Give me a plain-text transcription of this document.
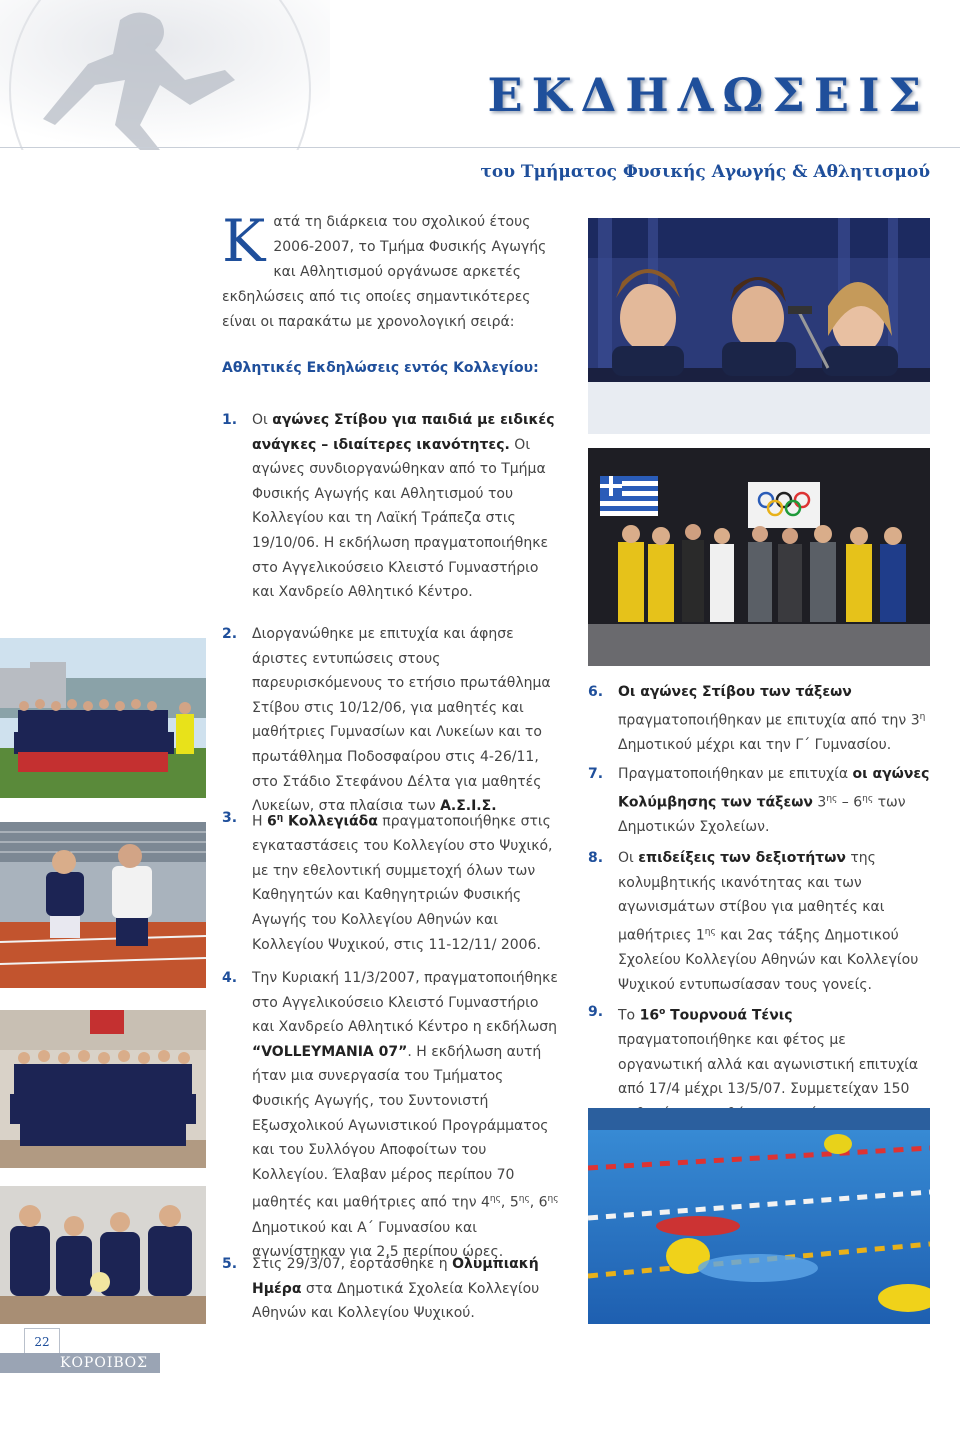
ΕΚΔΗΛΩΣΕΙΣ
του Τμήματος Φυσικής Αγωγής & Αθλητισμού
Κατά τη διάρκεια του σχολικού έτους 2006-2007, το Τμήμα Φυσικής Αγωγής και Αθλητισμού οργάνωσε αρκετές εκδηλώσεις από τις οποίες σημαντικότερες είναι οι παρακάτω με χρονολογική σειρά:
Αθλητικές Εκδηλώσεις εντός Κολλεγίου:
1. Οι αγώνες Στίβου για παιδιά με ειδικές ανάγκες – ιδιαίτερες ικανότητες. Οι αγώνες συνδιοργανώθηκαν από το Τμήμα Φυσικής Αγωγής και Αθλητισμού του Κολλεγίου και τη Λαϊκή Τράπεζα στις 19/10/06. Η εκδήλωση πραγματοποιήθηκε στο Αγγελικούσειο Κλειστό Γυμναστήριο και Χανδρείο Αθλητικό Κέντρο.
2. Διοργανώθηκε με επιτυχία και άφησε άριστες εντυπώσεις στους παρευρισκόμενους το ετήσιο πρωτάθλημα Στίβου στις 10/12/06, για μαθητές και μαθήτριες Γυμνασίων και Λυκείων και το πρωτάθλημα Ποδοσφαίρου στις 4-26/11, στο Στάδιο Στεφάνου Δέλτα για μαθητές Λυκείων, στα πλαίσια των Α.Σ.Ι.Σ.
3. Η $6^\eta$ Κολλεγιάδα πραγματοποιήθηκε στις εγκαταστάσεις του Κολλεγίου στο Ψυχικό, με την εθελοντική συμμετοχή όλων των Καθηγητών και Καθηγητριών Φυσικής Αγωγής του Κολλεγίου Αθηνών και Κολλεγίου Ψυχικού, στις 11-12/11/ 2006.
4. Την Κυριακή 11/3/2007, πραγματοποιήθηκε στο Αγγελικούσειο Κλειστό Γυμναστήριο και Χανδρείο Αθλητικό Κέντρο η εκδήλωση “VOLLEYMANIA 07”. Η εκδήλωση αυτή ήταν μια συνεργασία του Τμήματος Φυσικής Αγωγής, του Συντονιστή Εξωσχολικού Αγωνιστικού Προγράμματος και του Συλλόγου Αποφοίτων του Κολλεγίου. Έλαβαν μέρος περίπου 70 μαθητές και μαθήτριες από την $4^{\eta\varsigma}$, $5^{\eta\varsigma}$, $6^{\eta\varsigma}$ Δημοτικού και Α΄ Γυμνασίου και αγωνίστηκαν για 2,5 περίπου ώρες.
5. Στις 29/3/07, εορτάσθηκε η Ολυμπιακή Ημέρα στα Δημοτικά Σχολεία Κολλεγίου Αθηνών και Κολλεγίου Ψυχικού.
6. Οι αγώνες Στίβου των τάξεων πραγματοποιήθηκαν με επιτυχία από την $3^\eta$ Δημοτικού μέχρι και την Γ΄ Γυμνασίου.
7. Πραγματοποιήθηκαν με επιτυχία οι αγώνες Κολύμβησης των τάξεων $3^{\eta\varsigma} - 6^{\eta\varsigma}$ των Δημοτικών Σχολείων.
8. Οι επιδείξεις των δεξιοτήτων της κολυμβητικής ικανότητας και των αγωνισμάτων στίβου για μαθητές και μαθήτριες $1^{\eta\varsigma}$ και 2ας τάξης Δημοτικού Σχολείου Κολλεγίου Αθηνών και Κολλεγίου Ψυχικού εντυπωσίασαν τους γονείς.
9. Το $16^o$ Τουρνουά Τένις πραγματοποιήθηκε και φέτος με οργανωτική αλλά και αγωνιστική επιτυχία από 17/4 μέχρι 13/5/07. Συμμετείχαν 150
22
ΚΟΡΟΙΒΟΣ
